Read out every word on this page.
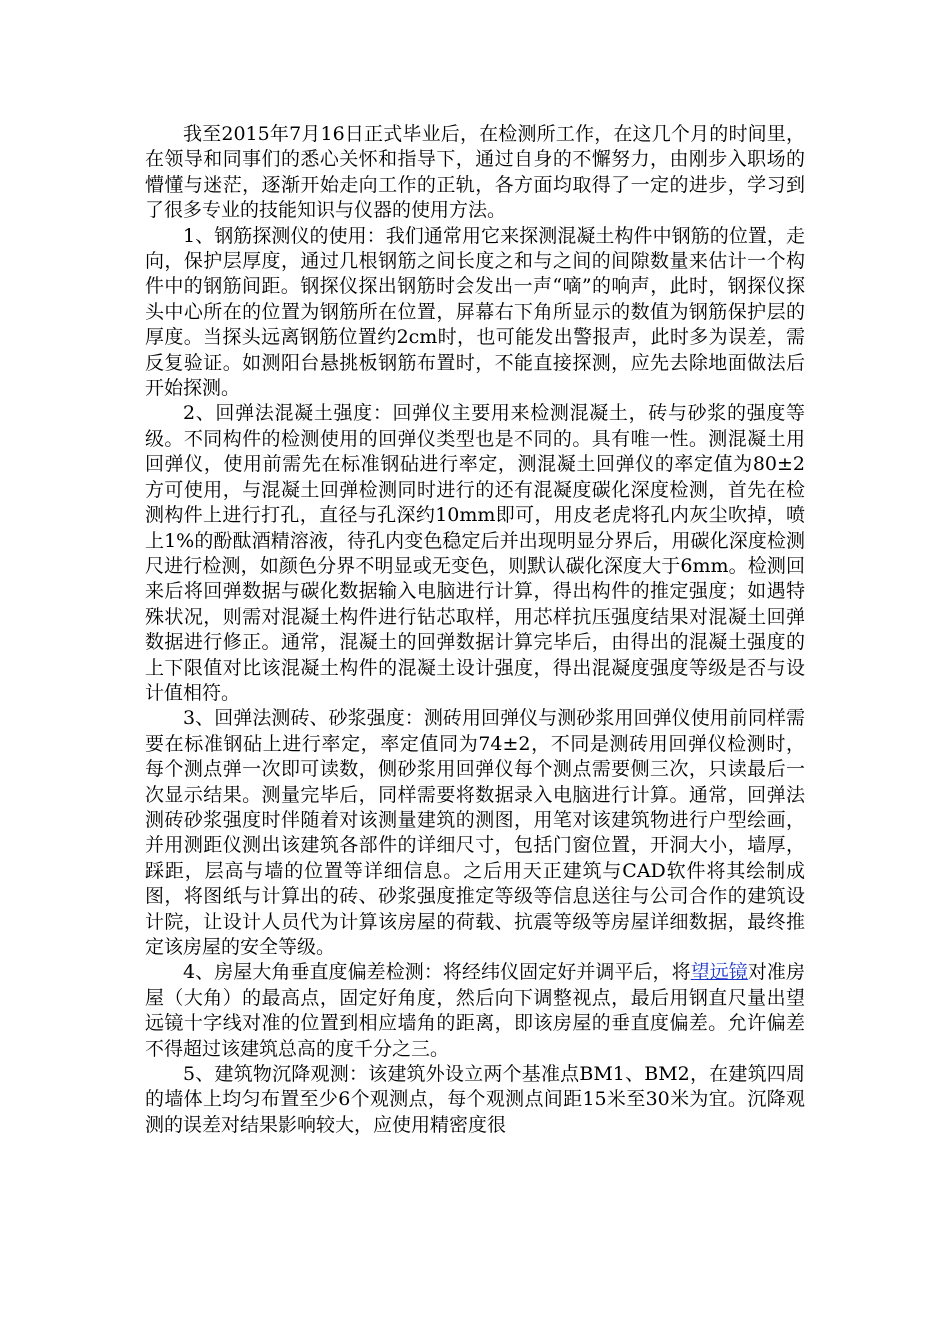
我至2015年7月16日正式毕业后，在检测所工作，在这几个月的时间里，在领导和同事们的悉心关怀和指导下，通过自身的不懈努力，由刚步入职场的懵懂与迷茫，逐渐开始走向工作的正轨，各方面均取得了一定的进步，学习到了很多专业的技能知识与仪器的使用方法。

1、钢筋探测仪的使用：我们通常用它来探测混凝土构件中钢筋的位置，走向，保护层厚度，通过几根钢筋之间长度之和与之间的间隙数量来估计一个构件中的钢筋间距。钢探仪探出钢筋时会发出一声“嘀”的响声，此时，钢探仪探头中心所在的位置为钢筋所在位置，屏幕右下角所显示的数值为钢筋保护层的厚度。当探头远离钢筋位置约2cm时，也可能发出警报声，此时多为误差，需反复验证。如测阳台悬挑板钢筋布置时，不能直接探测，应先去除地面做法后开始探测。

2、回弹法混凝土强度：回弹仪主要用来检测混凝土，砖与砂浆的强度等级。不同构件的检测使用的回弹仪类型也是不同的。具有唯一性。测混凝土用回弹仪，使用前需先在标准钢砧进行率定，测混凝土回弹仪的率定值为80±2方可使用，与混凝土回弹检测同时进行的还有混凝度碳化深度检测，首先在检测构件上进行打孔，直径与孔深约10mm即可，用皮老虎将孔内灰尘吹掉，喷上1%的酚酞酒精溶液，待孔内变色稳定后并出现明显分界后，用碳化深度检测尺进行检测，如颜色分界不明显或无变色，则默认碳化深度大于6mm。检测回来后将回弹数据与碳化数据输入电脑进行计算，得出构件的推定强度；如遇特殊状况，则需对混凝土构件进行钻芯取样，用芯样抗压强度结果对混凝土回弹数据进行修正。通常，混凝土的回弹数据计算完毕后，由得出的混凝土强度的上下限值对比该混凝土构件的混凝土设计强度，得出混凝度强度等级是否与设计值相符。

3、回弹法测砖、砂浆强度：测砖用回弹仪与测砂浆用回弹仪使用前同样需要在标准钢砧上进行率定，率定值同为74±2，不同是测砖用回弹仪检测时，每个测点弹一次即可读数，侧砂浆用回弹仪每个测点需要侧三次，只读最后一次显示结果。测量完毕后，同样需要将数据录入电脑进行计算。通常，回弹法测砖砂浆强度时伴随着对该测量建筑的测图，用笔对该建筑物进行户型绘画，并用测距仪测出该建筑各部件的详细尺寸，包括门窗位置，开洞大小，墙厚，踩距，层高与墙的位置等详细信息。之后用天正建筑与CAD软件将其绘制成图，将图纸与计算出的砖、砂浆强度推定等级等信息送往与公司合作的建筑设计院，让设计人员代为计算该房屋的荷载、抗震等级等房屋详细数据，最终推定该房屋的安全等级。

4、房屋大角垂直度偏差检测：将经纬仪固定好并调平后，将望远镜对准房屋（大角）的最高点，固定好角度，然后向下调整视点，最后用钢直尺量出望远镜十字线对准的位置到相应墙角的距离，即该房屋的垂直度偏差。允许偏差不得超过该建筑总高的度千分之三。

5、建筑物沉降观测：该建筑外设立两个基准点BM1、BM2，在建筑四周的墙体上均匀布置至少6个观测点，每个观测点间距15米至30米为宜。沉降观测的误差对结果影响较大，应使用精密度很
